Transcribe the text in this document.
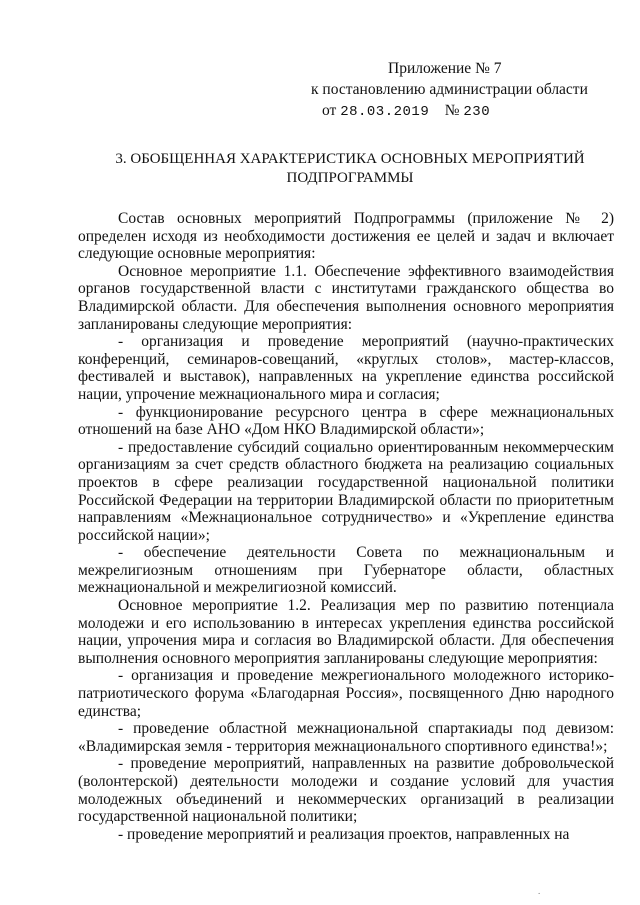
Приложение № 7
к постановлению администрации области
от 28.03.2019 № 230
3. ОБОБЩЕННАЯ ХАРАКТЕРИСТИКА ОСНОВНЫХ МЕРОПРИЯТИЙ
ПОДПРОГРАММЫ

Состав основных мероприятий Подпрограммы (приложение № 2) определен исходя из необходимости достижения ее целей и задач и включает следующие основные мероприятия:

Основное мероприятие 1.1. Обеспечение эффективного взаимодействия органов государственной власти с институтами гражданского общества во Владимирской области. Для обеспечения выполнения основного мероприятия запланированы следующие мероприятия:

- организация и проведение мероприятий (научно-практических конференций, семинаров-совещаний, «круглых столов», мастер-классов, фестивалей и выставок), направленных на укрепление единства российской нации, упрочение межнационального мира и согласия;

- функционирование ресурсного центра в сфере межнациональных отношений на базе АНО «Дом НКО Владимирской области»;

- предоставление субсидий социально ориентированным некоммерческим организациям за счет средств областного бюджета на реализацию социальных проектов в сфере реализации государственной национальной политики Российской Федерации на территории Владимирской области по приоритетным направлениям «Межнациональное сотрудничество» и «Укрепление единства российской нации»;

- обеспечение деятельности Совета по межнациональным и межрелигиозным отношениям при Губернаторе области, областных межнациональной и межрелигиозной комиссий.

Основное мероприятие 1.2. Реализация мер по развитию потенциала молодежи и его использованию в интересах укрепления единства российской нации, упрочения мира и согласия во Владимирской области. Для обеспечения выполнения основного мероприятия запланированы следующие мероприятия:

- организация и проведение межрегионального молодежного историко-патриотического форума «Благодарная Россия», посвященного Дню народного единства;

- проведение областной межнациональной спартакиады под девизом: «Владимирская земля - территория межнационального спортивного единства!»;

- проведение мероприятий, направленных на развитие добровольческой (волонтерской) деятельности молодежи и создание условий для участия молодежных объединений и некоммерческих организаций в реализации государственной национальной политики;

- проведение мероприятий и реализация проектов, направленных на

.
